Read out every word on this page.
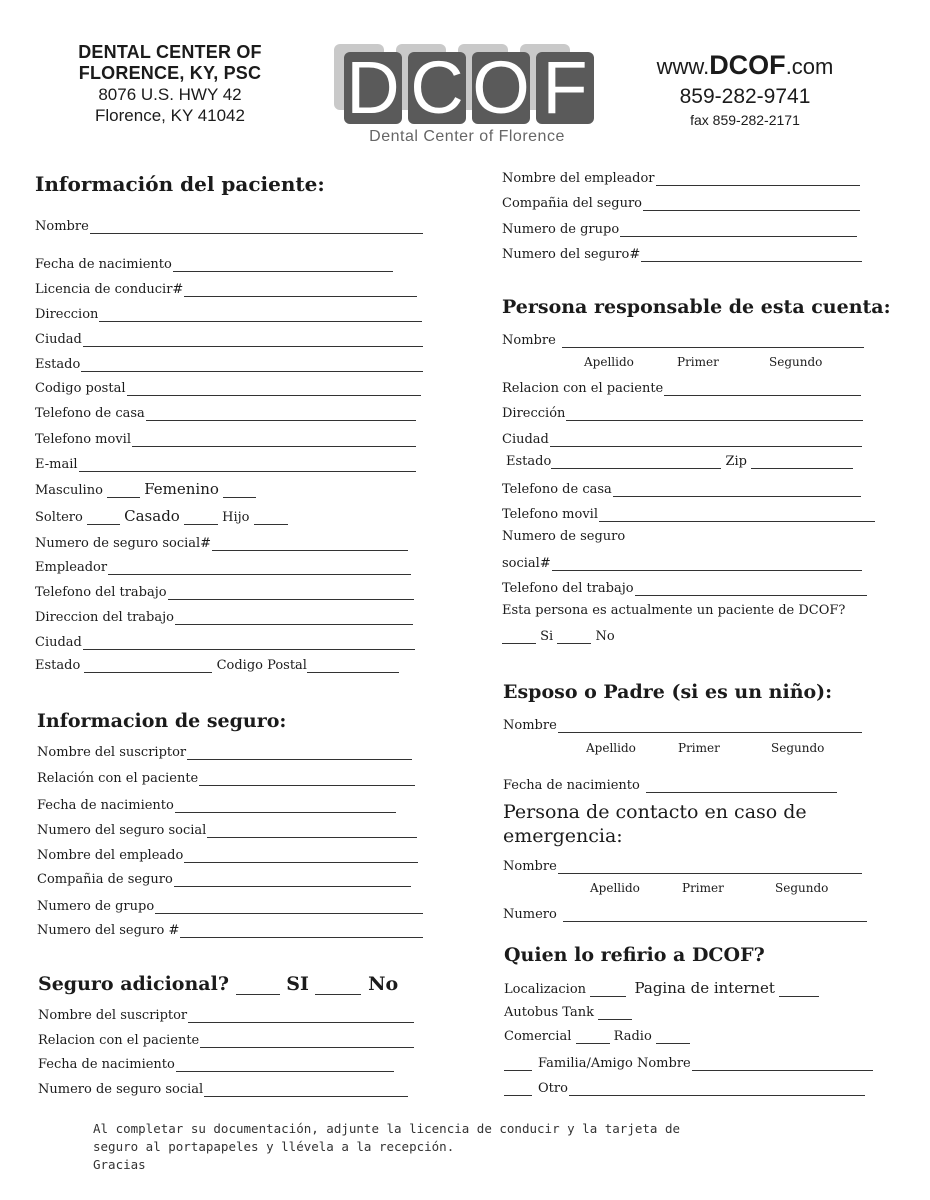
DENTAL CENTER OF
FLORENCE, KY, PSC
8076 U.S. HWY 42
Florence, KY 41042	D C O F
Dental Center of Florence
www.DCOF.com
859-282-9741
fax 859-282-2171
Información del paciente:
Nombre
Fecha de nacimiento
Licencia de conducir#
Direccion
Ciudad
Estado
Codigo postal
Telefono de casa
Telefono movil
E-mail
Masculino	Femenino
Soltero	Casado	Hijo
Numero de seguro social#
Empleador
Telefono del trabajo
Direccion del trabajo
Ciudad
Estado	Codigo Postal
Informacion de seguro:
Nombre del suscriptor
Relación con el paciente
Fecha de nacimiento
Numero del seguro social
Nombre del empleado
Compañia de seguro
Numero de grupo
Numero del seguro #
Seguro adicional?	SI	No
Nombre del suscriptor
Relacion con el paciente
Fecha de nacimiento
Numero de seguro social
Nombre del empleador
Compañia del seguro
Numero de grupo
Numero del seguro#
Persona responsable de esta cuenta:
Nombre
Apellido	Primer	Segundo
Relacion con el paciente
Dirección
Ciudad
Estado	Zip
Telefono de casa
Telefono movil
Numero de seguro
social#
Telefono del trabajo
Esta persona es actualmente un paciente de DCOF?
Si	No
Esposo o Padre (si es un niño):
Nombre
Apellido	Primer	Segundo
Fecha de nacimiento
Persona de contacto en caso de
emergencia:
Nombre
Apellido	Primer	Segundo
Numero
Quien lo refirio a DCOF?
Localizacion	Pagina de internet
Autobus Tank
Comercial	Radio
Familia/Amigo Nombre
Otro
Al completar su documentación, adjunte la licencia de conducir y la tarjeta de
seguro al portapapeles y llévela a la recepción.
Gracias
